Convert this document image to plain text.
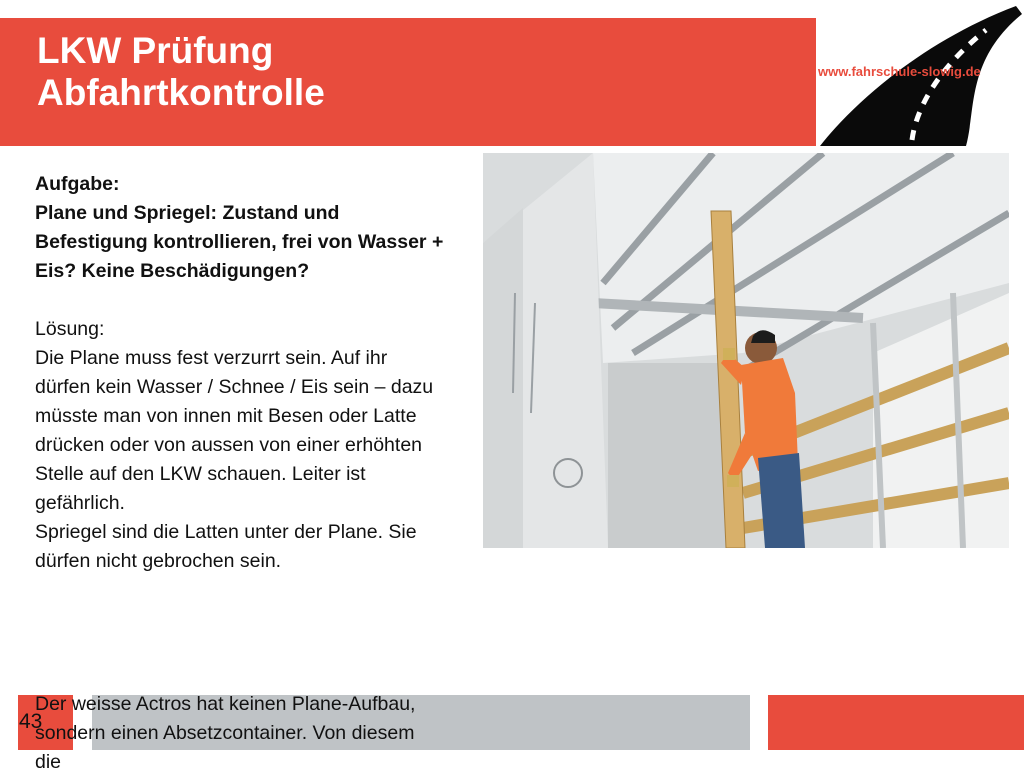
LKW Prüfung
Abfahrtkontrolle
www.fahrschule-slowig.de

Aufgabe:

Plane und Spriegel: Zustand und Befestigung kontrollieren, frei von Wasser + Eis? Keine Beschädigungen?

Lösung:

Die Plane muss fest verzurrt sein. Auf ihr dürfen kein Wasser / Schnee / Eis sein – dazu müsste man von innen mit Besen oder Latte drücken oder von aussen von einer erhöhten Stelle auf den LKW schauen. Leiter ist gefährlich.

Spriegel sind die Latten unter der Plane. Sie dürfen nicht gebrochen sein.

43

Der weisse Actros hat keinen Plane-Aufbau, sondern einen Absetzcontainer. Von diesem die
